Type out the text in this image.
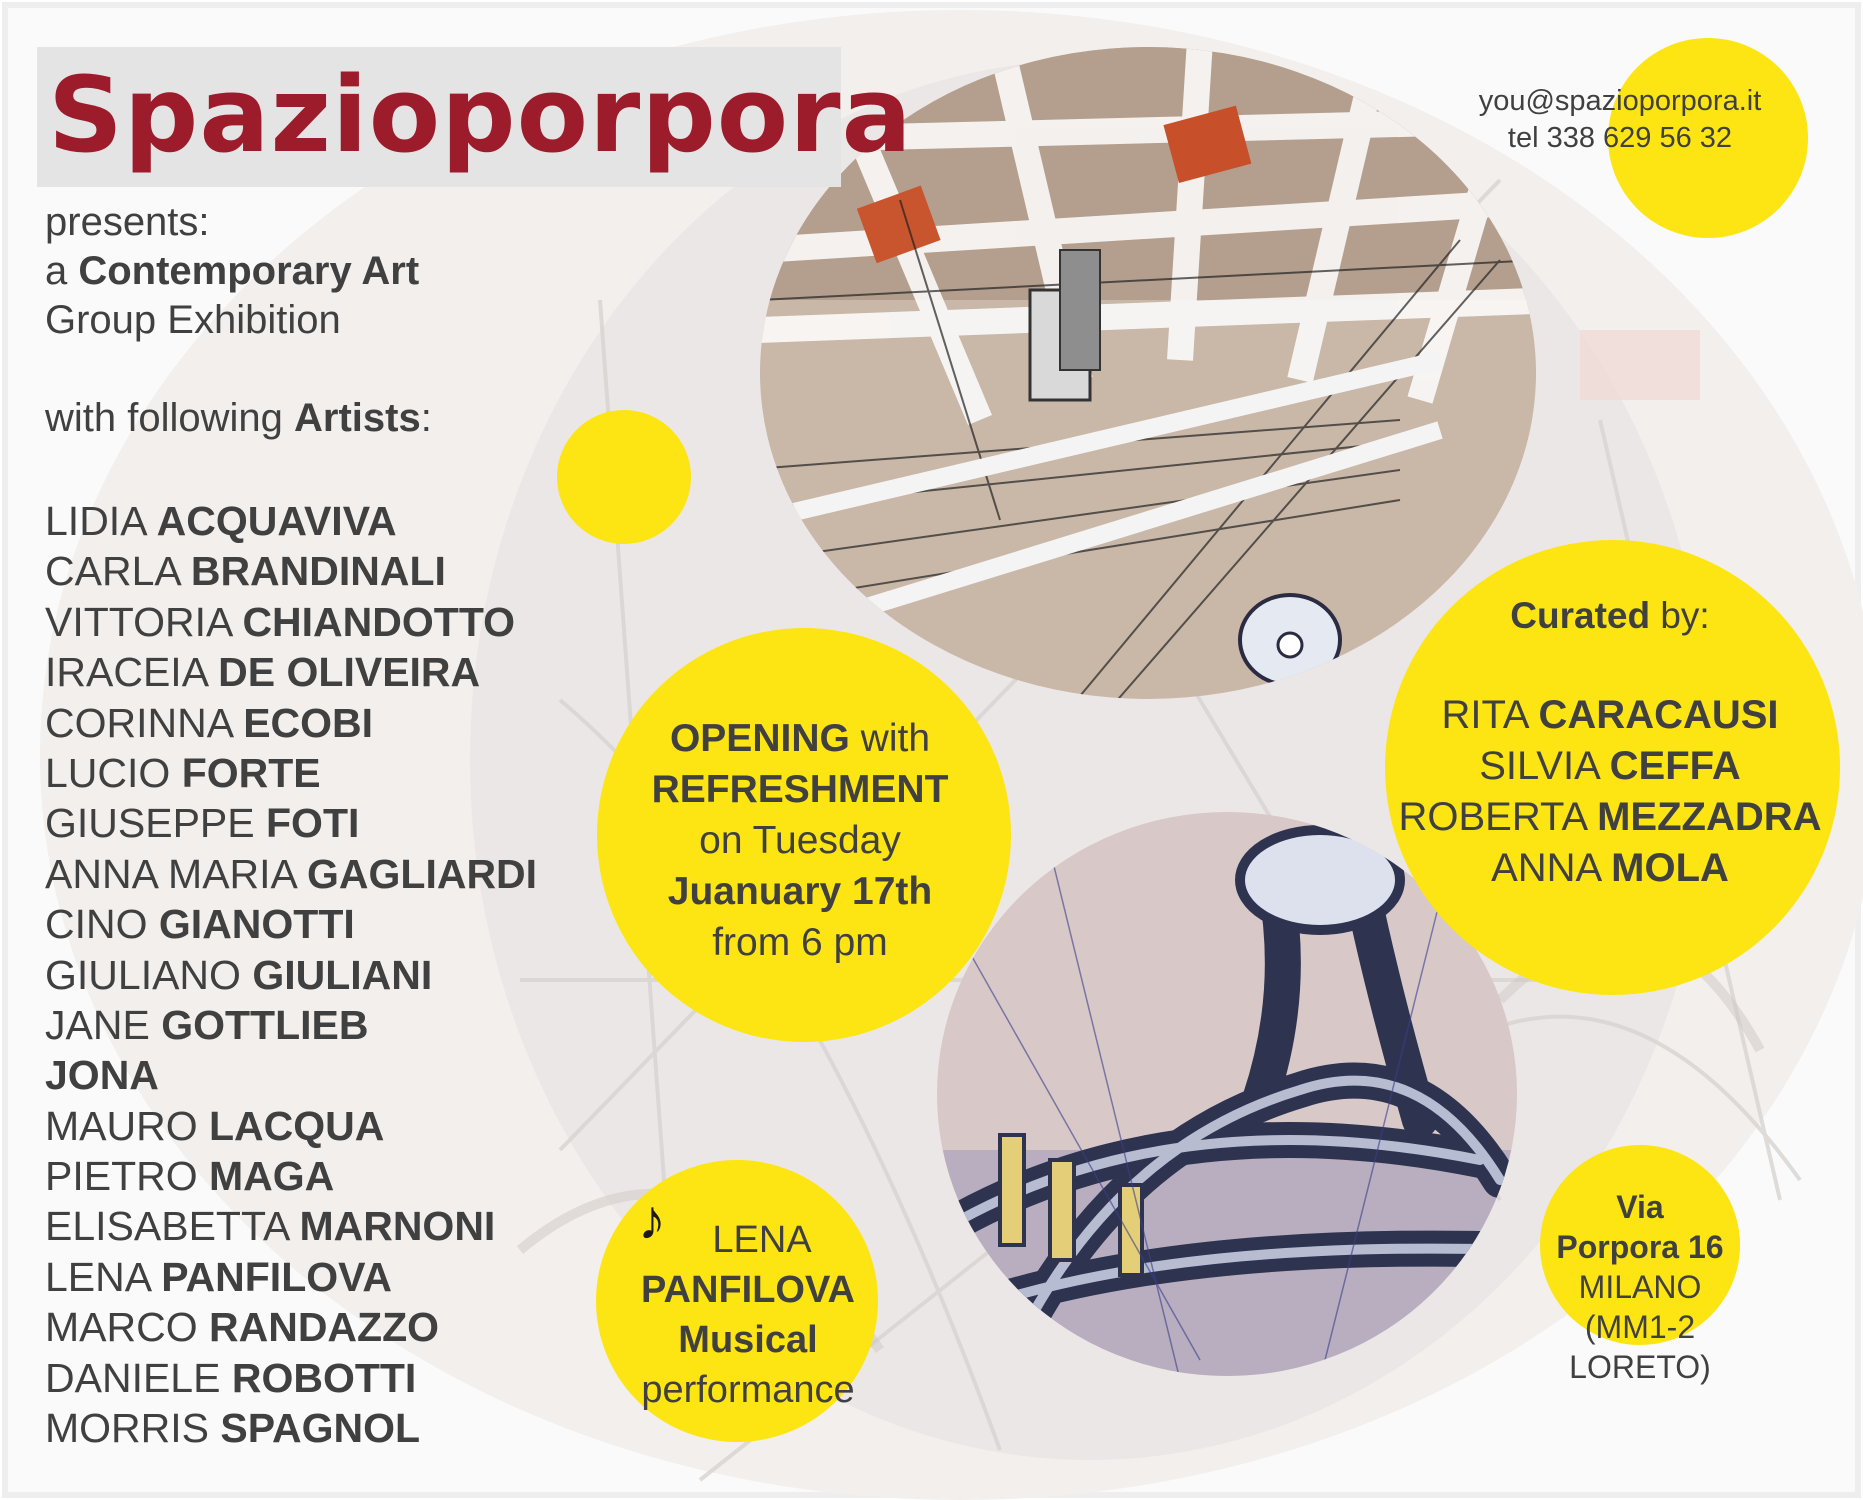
Spazioporpora	you@spazioporpora.it
tel 338 629 56 32
presents:
a Contemporary Art
Group Exhibition
with following Artists:
LIDIA ACQUAVIVA
CARLA BRANDINALI
VITTORIA CHIANDOTTO
IRACEIA DE OLIVEIRA
CORINNA ECOBI
LUCIO FORTE
GIUSEPPE FOTI
ANNA MARIA GAGLIARDI
CINO GIANOTTI
GIULIANO GIULIANI
JANE GOTTLIEB
JONA
MAURO LACQUA
PIETRO MAGA
ELISABETTA MARNONI
LENA PANFILOVA
MARCO RANDAZZO
DANIELE ROBOTTI
MORRIS SPAGNOL
OPENING with
REFRESHMENT
on Tuesday
Juanuary 17th
from 6 pm
Curated by:
RITA CARACAUSI
SILVIA CEFFA
ROBERTA MEZZADRA
ANNA MOLA
♪	LENA
PANFILOVA
Musical
performance
Via
Porpora 16
MILANO
(MM1-2 LORETO)
